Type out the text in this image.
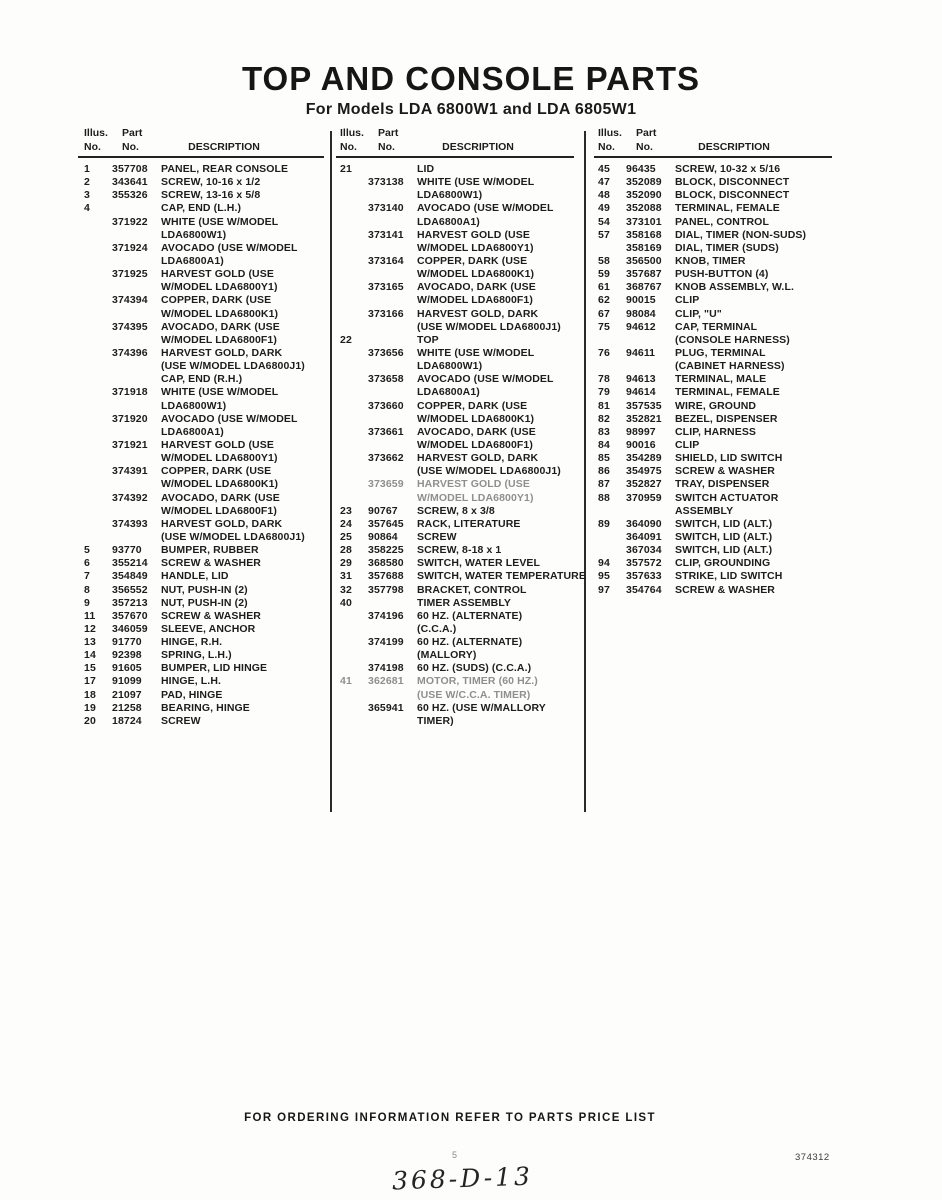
TOP AND CONSOLE PARTS
For Models LDA 6800W1 and LDA 6805W1
Illus.	Part
No.	No.	DESCRIPTION
Illus.	Part
No.	No.	DESCRIPTION
Illus.	Part
No.	No.	DESCRIPTION
1	357708	PANEL, REAR CONSOLE
2	343641	SCREW, 10-16 x 1/2
3	355326	SCREW, 13-16 x 5/8
4	CAP, END (L.H.)
371922	WHITE (USE W/MODEL
LDA6800W1)
371924	AVOCADO (USE W/MODEL
LDA6800A1)
371925	HARVEST GOLD (USE
W/MODEL LDA6800Y1)
374394	COPPER, DARK (USE
W/MODEL LDA6800K1)
374395	AVOCADO, DARK (USE
W/MODEL LDA6800F1)
374396	HARVEST GOLD, DARK
(USE W/MODEL LDA6800J1)
CAP, END (R.H.)
371918	WHITE (USE W/MODEL
LDA6800W1)
371920	AVOCADO (USE W/MODEL
LDA6800A1)
371921	HARVEST GOLD (USE
W/MODEL LDA6800Y1)
374391	COPPER, DARK (USE
W/MODEL LDA6800K1)
374392	AVOCADO, DARK (USE
W/MODEL LDA6800F1)
374393	HARVEST GOLD, DARK
(USE W/MODEL LDA6800J1)
5	93770	BUMPER, RUBBER
6	355214	SCREW & WASHER
7	354849	HANDLE, LID
8	356552	NUT, PUSH-IN (2)
9	357213	NUT, PUSH-IN (2)
11	357670	SCREW & WASHER
12	346059	SLEEVE, ANCHOR
13	91770	HINGE, R.H.
14	92398	SPRING, L.H.)
15	91605	BUMPER, LID HINGE
17	91099	HINGE, L.H.
18	21097	PAD, HINGE
19	21258	BEARING, HINGE
20	18724	SCREW
21	LID
373138	WHITE (USE W/MODEL
LDA6800W1)
373140	AVOCADO (USE W/MODEL
LDA6800A1)
373141	HARVEST GOLD (USE
W/MODEL LDA6800Y1)
373164	COPPER, DARK (USE
W/MODEL LDA6800K1)
373165	AVOCADO, DARK (USE
W/MODEL LDA6800F1)
373166	HARVEST GOLD, DARK
(USE W/MODEL LDA6800J1)
22	TOP
373656	WHITE (USE W/MODEL
LDA6800W1)
373658	AVOCADO (USE W/MODEL
LDA6800A1)
373660	COPPER, DARK (USE
W/MODEL LDA6800K1)
373661	AVOCADO, DARK (USE
W/MODEL LDA6800F1)
373662	HARVEST GOLD, DARK
(USE W/MODEL LDA6800J1)
373659	HARVEST GOLD (USE
W/MODEL LDA6800Y1)
23	90767	SCREW, 8 x 3/8
24	357645	RACK, LITERATURE
25	90864	SCREW
28	358225	SCREW, 8-18 x 1
29	368580	SWITCH, WATER LEVEL
31	357688	SWITCH, WATER TEMPERATURE
32	357798	BRACKET, CONTROL
40	TIMER ASSEMBLY
374196	60 HZ. (ALTERNATE)
(C.C.A.)
374199	60 HZ. (ALTERNATE)
(MALLORY)
374198	60 HZ. (SUDS) (C.C.A.)
41	362681	MOTOR, TIMER (60 HZ.)
(USE W/C.C.A. TIMER)
365941	60 HZ. (USE W/MALLORY
TIMER)
45	96435	SCREW, 10-32 x 5/16
47	352089	BLOCK, DISCONNECT
48	352090	BLOCK, DISCONNECT
49	352088	TERMINAL, FEMALE
54	373101	PANEL, CONTROL
57	358168	DIAL, TIMER (NON-SUDS)
358169	DIAL, TIMER (SUDS)
58	356500	KNOB, TIMER
59	357687	PUSH-BUTTON (4)
61	368767	KNOB ASSEMBLY, W.L.
62	90015	CLIP
67	98084	CLIP, "U"
75	94612	CAP, TERMINAL
(CONSOLE HARNESS)
76	94611	PLUG, TERMINAL
(CABINET HARNESS)
78	94613	TERMINAL, MALE
79	94614	TERMINAL, FEMALE
81	357535	WIRE, GROUND
82	352821	BEZEL, DISPENSER
83	98997	CLIP, HARNESS
84	90016	CLIP
85	354289	SHIELD, LID SWITCH
86	354975	SCREW & WASHER
87	352827	TRAY, DISPENSER
88	370959	SWITCH ACTUATOR
ASSEMBLY
89	364090	SWITCH, LID (ALT.)
364091	SWITCH, LID (ALT.)
367034	SWITCH, LID (ALT.)
94	357572	CLIP, GROUNDING
95	357633	STRIKE, LID SWITCH
97	354764	SCREW & WASHER
FOR ORDERING INFORMATION REFER TO PARTS PRICE LIST
5	374312
368-D-13
